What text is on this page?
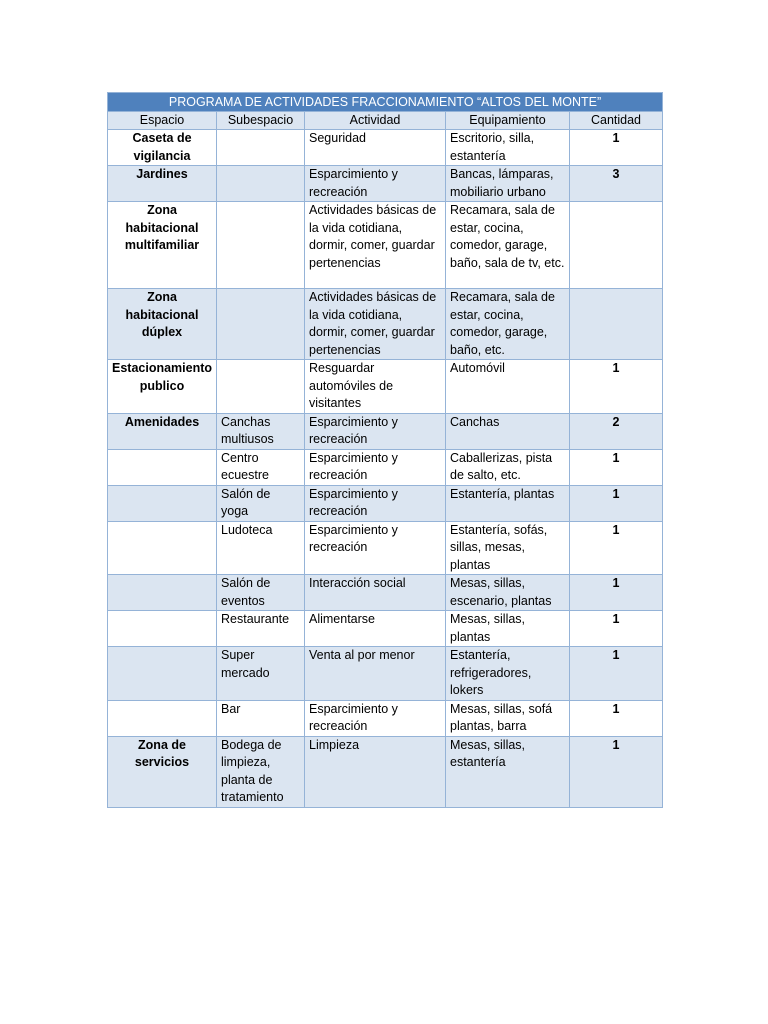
PROGRAMA DE ACTIVIDADES FRACCIONAMIENTO “ALTOS DEL MONTE”				
Espacio	Subespacio	Actividad	Equipamiento	Cantidad
Caseta de vigilancia		Seguridad	Escritorio, silla, estantería	1
Jardines		Esparcimiento y recreación	Bancas, lámparas, mobiliario urbano	3
Zona habitacional multifamiliar		Actividades básicas de la vida cotidiana, dormir, comer, guardar pertenencias	Recamara, sala de estar, cocina, comedor, garage, baño, sala de tv, etc.	
Zona habitacional dúplex		Actividades básicas de la vida cotidiana, dormir, comer, guardar pertenencias	Recamara, sala de estar, cocina, comedor, garage, baño, etc.	
Estacionamiento publico		Resguardar automóviles de visitantes	Automóvil	1
Amenidades	Canchas multiusos	Esparcimiento y recreación	Canchas	2
	Centro ecuestre	Esparcimiento y recreación	Caballerizas, pista de salto, etc.	1
	Salón de yoga	Esparcimiento y recreación	Estantería, plantas	1
	Ludoteca	Esparcimiento y recreación	Estantería, sofás, sillas, mesas, plantas	1
	Salón de eventos	Interacción social	Mesas, sillas, escenario, plantas	1
	Restaurante	Alimentarse	Mesas, sillas, plantas	1
	Super mercado	Venta al por menor	Estantería, refrigeradores, lokers	1
	Bar	Esparcimiento y recreación	Mesas, sillas, sofá plantas, barra	1
Zona de servicios	Bodega de limpieza, planta de tratamiento	Limpieza	Mesas, sillas, estantería	1
